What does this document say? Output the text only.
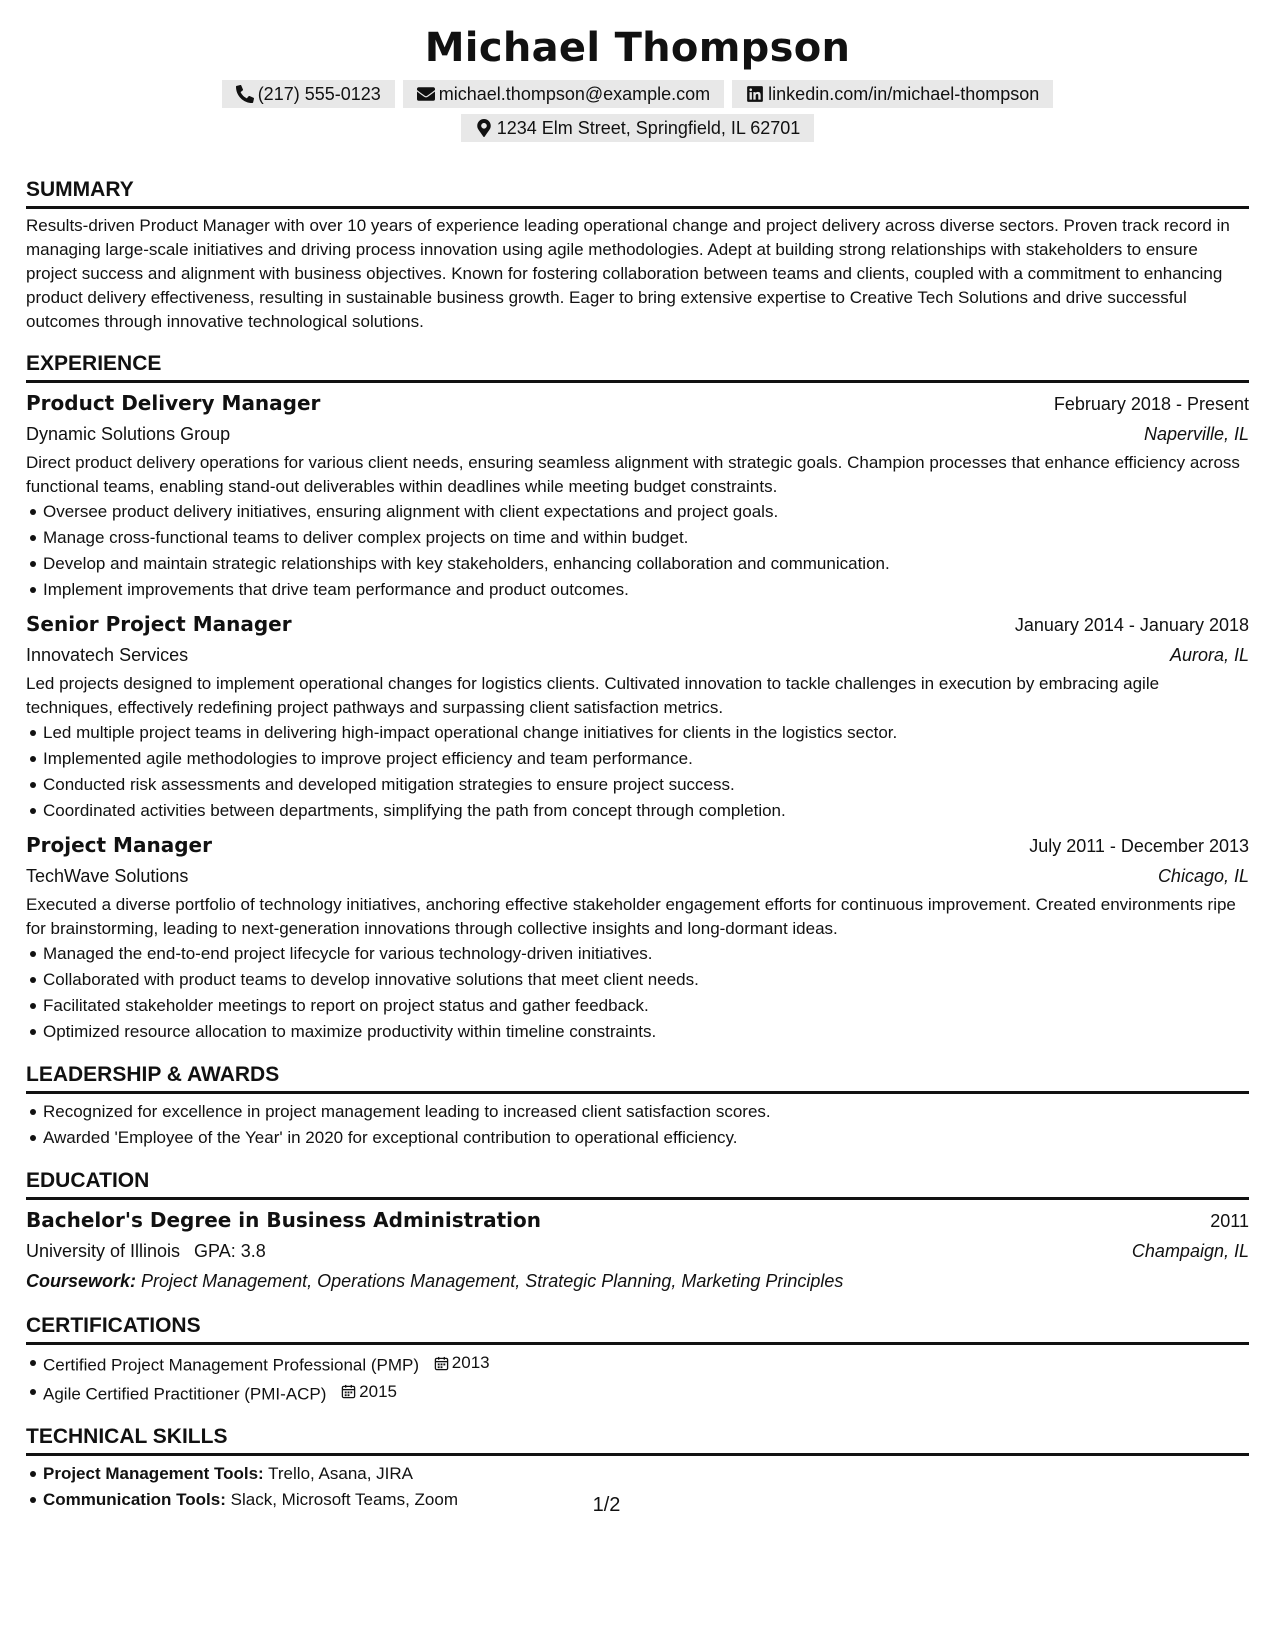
Michael Thompson
(217) 555-0123	michael.thompson@example.com	linkedin.com/in/michael-thompson
1234 Elm Street, Springfield, IL 62701
SUMMARY

Results-driven Product Manager with over 10 years of experience leading operational change and project delivery across diverse sectors. Proven track record in managing large-scale initiatives and driving process innovation using agile methodologies. Adept at building strong relationships with stakeholders to ensure project success and alignment with business objectives. Known for fostering collaboration between teams and clients, coupled with a commitment to enhancing product delivery effectiveness, resulting in sustainable business growth. Eager to bring extensive expertise to Creative Tech Solutions and drive successful outcomes through innovative technological solutions.

EXPERIENCE
Product Delivery Manager	February 2018 - Present
Dynamic Solutions Group	Naperville, IL

Direct product delivery operations for various client needs, ensuring seamless alignment with strategic goals. Champion processes that enhance efficiency across functional teams, enabling stand-out deliverables within deadlines while meeting budget constraints.

Oversee product delivery initiatives, ensuring alignment with client expectations and project goals.
Manage cross-functional teams to deliver complex projects on time and within budget.
Develop and maintain strategic relationships with key stakeholders, enhancing collaboration and communication.
Implement improvements that drive team performance and product outcomes.
Senior Project Manager	January 2014 - January 2018
Innovatech Services	Aurora, IL

Led projects designed to implement operational changes for logistics clients. Cultivated innovation to tackle challenges in execution by embracing agile techniques, effectively redefining project pathways and surpassing client satisfaction metrics.

Led multiple project teams in delivering high-impact operational change initiatives for clients in the logistics sector.
Implemented agile methodologies to improve project efficiency and team performance.
Conducted risk assessments and developed mitigation strategies to ensure project success.
Coordinated activities between departments, simplifying the path from concept through completion.
Project Manager	July 2011 - December 2013
TechWave Solutions	Chicago, IL

Executed a diverse portfolio of technology initiatives, anchoring effective stakeholder engagement efforts for continuous improvement. Created environments ripe for brainstorming, leading to next-generation innovations through collective insights and long-dormant ideas.

Managed the end-to-end project lifecycle for various technology-driven initiatives.
Collaborated with product teams to develop innovative solutions that meet client needs.
Facilitated stakeholder meetings to report on project status and gather feedback.
Optimized resource allocation to maximize productivity within timeline constraints.
LEADERSHIP & AWARDS
Recognized for excellence in project management leading to increased client satisfaction scores.
Awarded 'Employee of the Year' in 2020 for exceptional contribution to operational efficiency.
EDUCATION
Bachelor's Degree in Business Administration	2011
University of Illinois GPA: 3.8	Champaign, IL
Coursework: Project Management, Operations Management, Strategic Planning, Marketing Principles
CERTIFICATIONS
Certified Project Management Professional (PMP) 2013
Agile Certified Practitioner (PMI-ACP) 2015
TECHNICAL SKILLS
Project Management Tools: Trello, Asana, JIRA
Communication Tools: Slack, Microsoft Teams, Zoom	1/2
